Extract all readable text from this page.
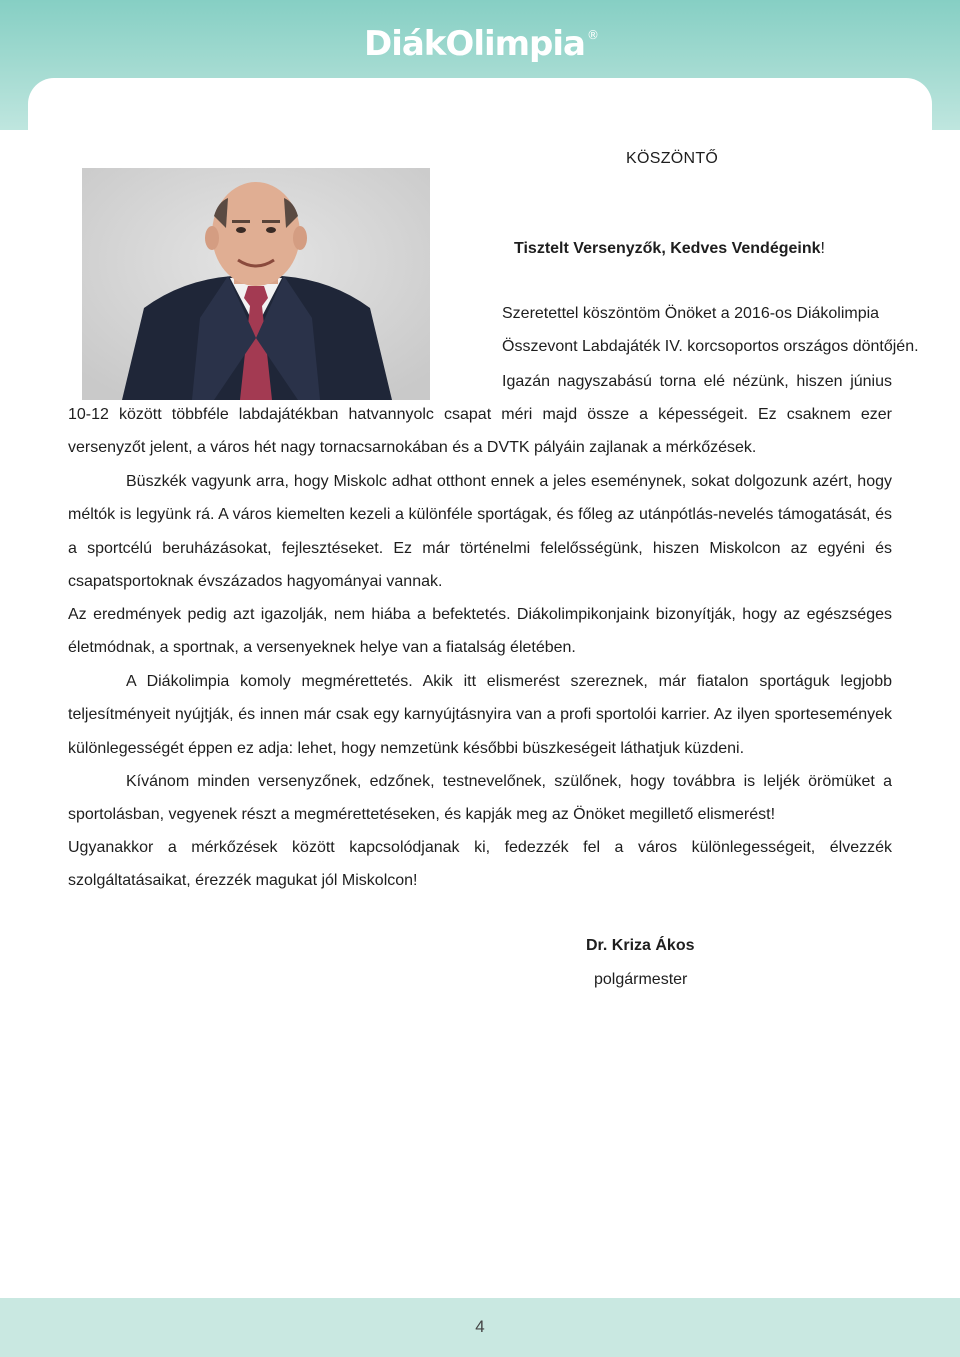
DiákOlimpia ®
KÖSZÖNTŐ
Tisztelt Versenyzők, Kedves Vendégeink!
Szeretettel köszöntöm Önöket a 2016-os Diákolimpia
Összevont Labdajáték IV. korcsoportos országos döntőjén.
Igazán nagyszabású torna elé nézünk, hiszen június
10-12 között többféle labdajátékban hatvannyolc csapat méri majd össze a képességeit. Ez csaknem ezer versenyzőt jelent, a város hét nagy tornacsarnokában és a DVTK pályáin zajlanak a mérkőzések.
Büszkék vagyunk arra, hogy Miskolc adhat otthont ennek a jeles eseménynek, sokat dolgozunk azért, hogy méltók is legyünk rá. A város kiemelten kezeli a különféle sportágak, és főleg az utánpótlás-nevelés támogatását, és a sportcélú beruházásokat, fejlesztéseket. Ez már történelmi felelősségünk, hiszen Miskolcon az egyéni és csapatsportoknak évszázados hagyományai vannak.
Az eredmények pedig azt igazolják, nem hiába a befektetés. Diákolimpikonjaink bizonyítják, hogy az egészséges életmódnak, a sportnak, a versenyeknek helye van a fiatalság életében.
A Diákolimpia komoly megmérettetés. Akik itt elismerést szereznek, már fiatalon sportáguk legjobb teljesítményeit nyújtják, és innen már csak egy karnyújtásnyira van a profi sportolói karrier. Az ilyen sportesemények különlegességét éppen ez adja: lehet, hogy nemzetünk későbbi büszkeségeit láthatjuk küzdeni.
Kívánom minden versenyzőnek, edzőnek, testnevelőnek, szülőnek, hogy továbbra is leljék örömüket a sportolásban, vegyenek részt a megmérettetéseken, és kapják meg az Önöket megillető elismerést!
Ugyanakkor a mérkőzések között kapcsolódjanak ki, fedezzék fel a város különlegességeit, élvezzék szolgáltatásaikat, érezzék magukat jól Miskolcon!
Dr. Kriza Ákos
polgármester
4
